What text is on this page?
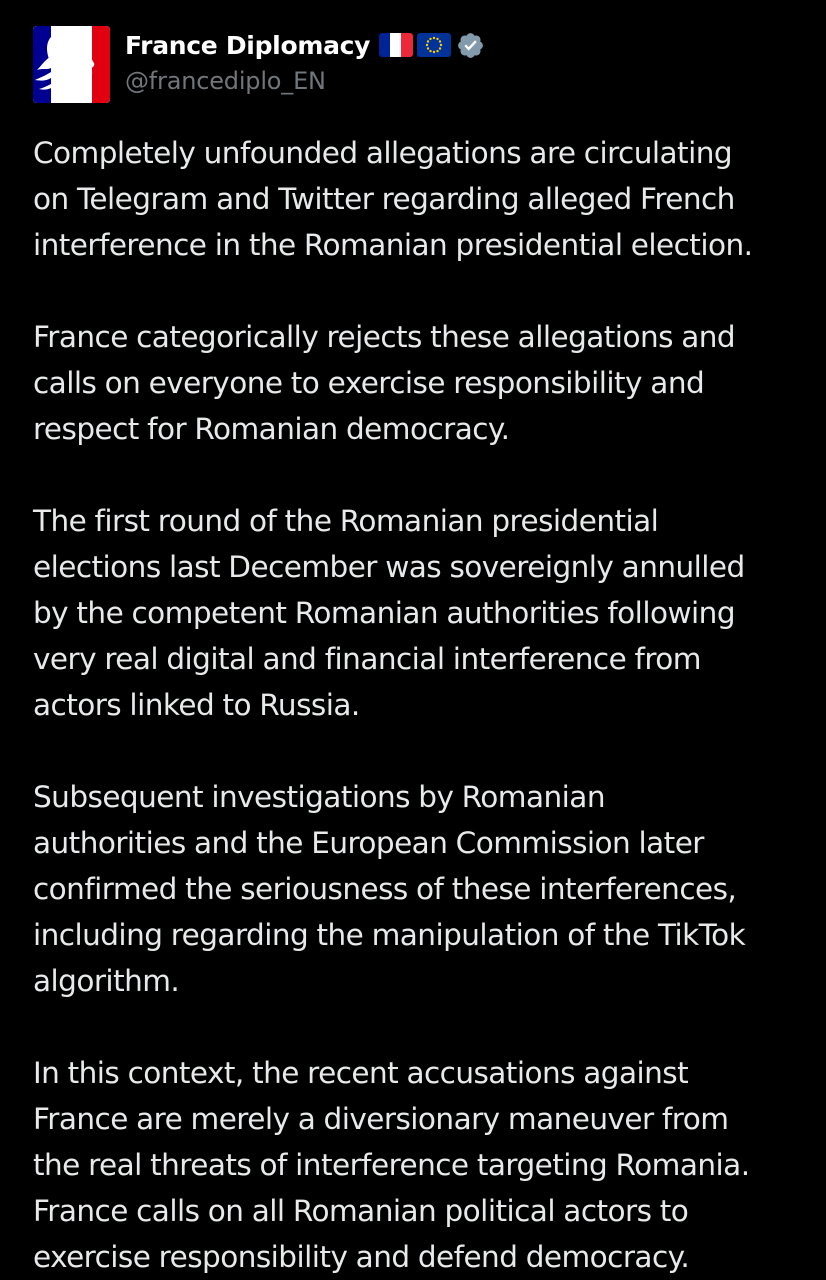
France Diplomacy
@francediplo_EN

Completely unfounded allegations are circulating
on Telegram and Twitter regarding alleged French
interference in the Romanian presidential election.

France categorically rejects these allegations and
calls on everyone to exercise responsibility and
respect for Romanian democracy.

The first round of the Romanian presidential
elections last December was sovereignly annulled
by the competent Romanian authorities following
very real digital and financial interference from
actors linked to Russia.

Subsequent investigations by Romanian
authorities and the European Commission later
confirmed the seriousness of these interferences,
including regarding the manipulation of the TikTok
algorithm.

In this context, the recent accusations against
France are merely a diversionary maneuver from
the real threats of interference targeting Romania.
France calls on all Romanian political actors to
exercise responsibility and defend democracy.
